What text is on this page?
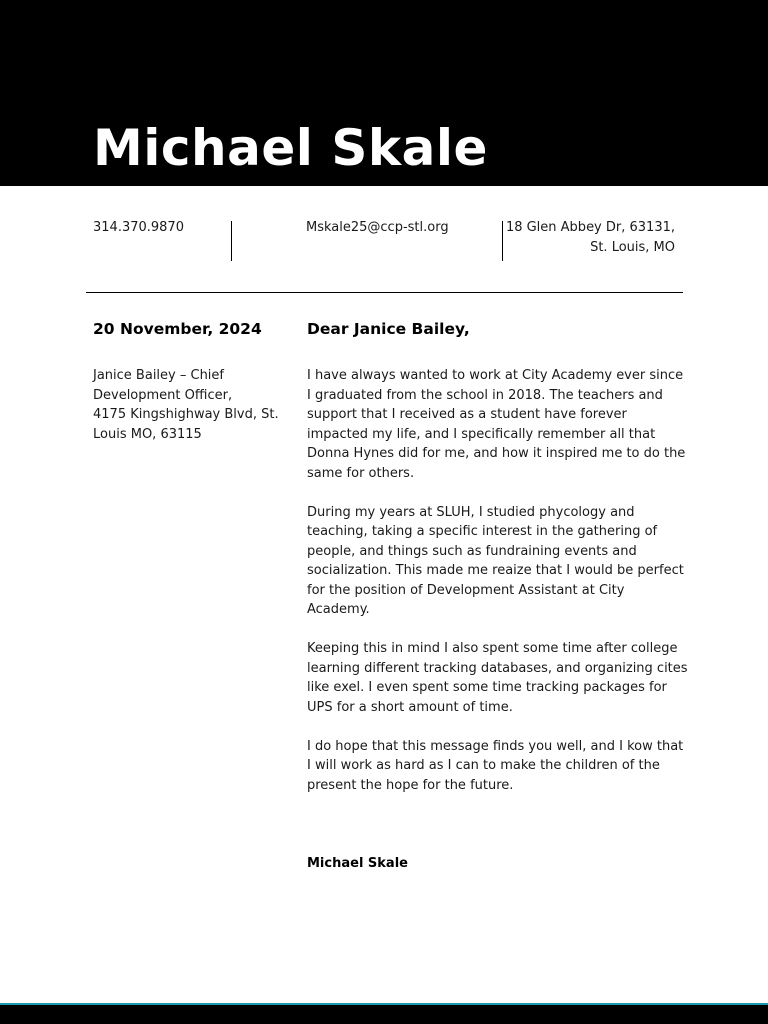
Michael Skale
314.370.9870	Mskale25@ccp-stl.org	18 Glen Abbey Dr, 63131,
St. Louis, MO
20 November, 2024
Janice Bailey – Chief
Development Officer,
4175 Kingshighway Blvd, St.
Louis MO, 63115
Dear Janice Bailey,

I have always wanted to work at City Academy ever since
I graduated from the school in 2018. The teachers and
support that I received as a student have forever
impacted my life, and I specifically remember all that
Donna Hynes did for me, and how it inspired me to do the
same for others.

During my years at SLUH, I studied phycology and
teaching, taking a specific interest in the gathering of
people, and things such as fundraining events and
socialization. This made me reaize that I would be perfect
for the position of Development Assistant at City
Academy.

Keeping this in mind I also spent some time after college
learning different tracking databases, and organizing cites
like exel. I even spent some time tracking packages for
UPS for a short amount of time.

I do hope that this message finds you well, and I kow that
I will work as hard as I can to make the children of the
present the hope for the future.

Michael Skale
